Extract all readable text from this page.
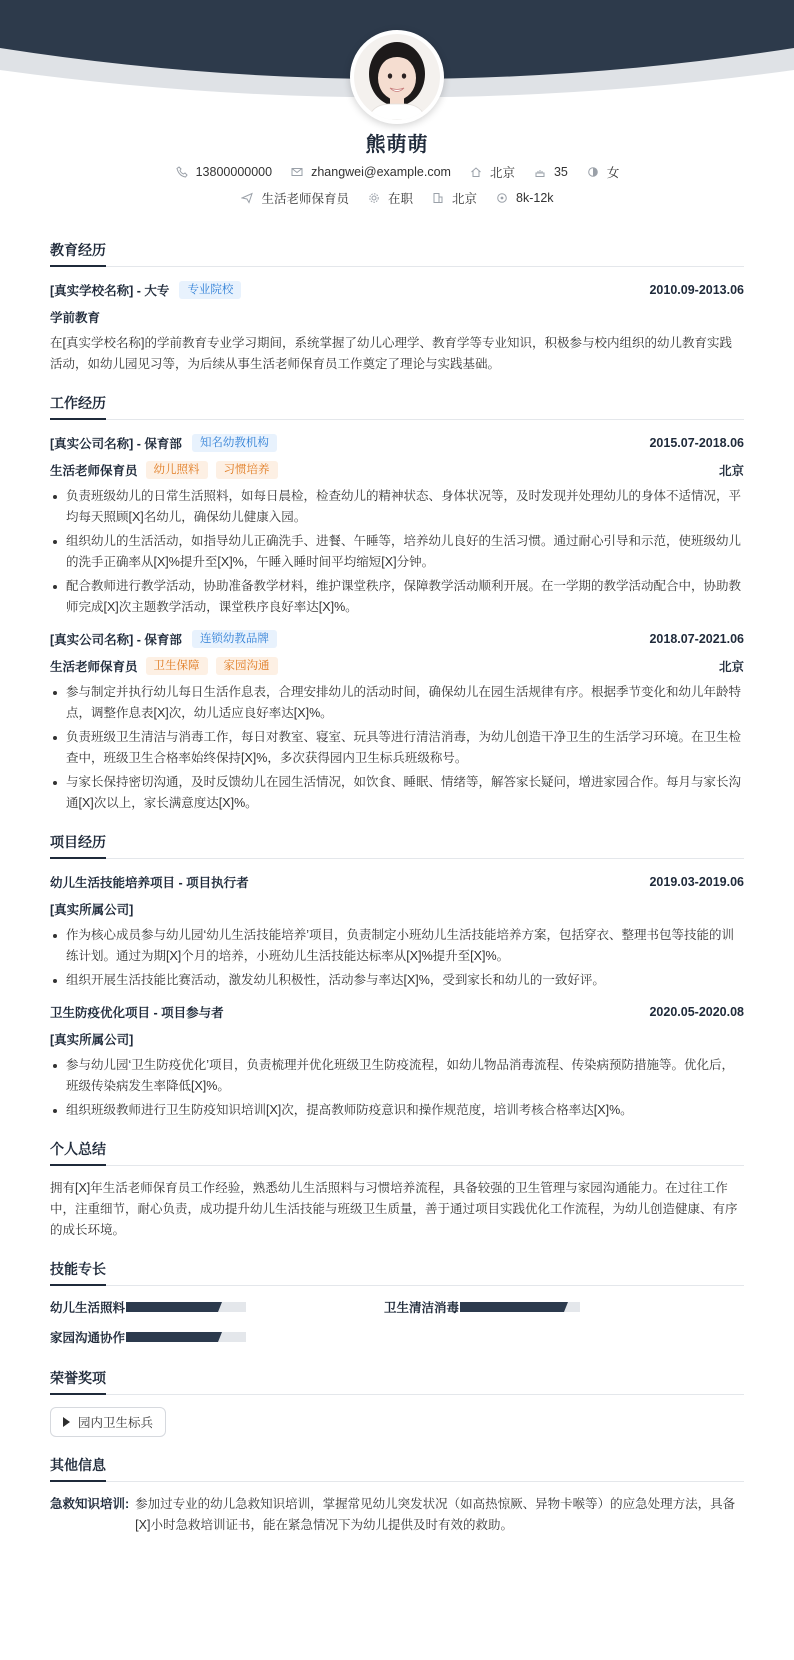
熊萌萌
13800000000	zhangwei@example.com	北京	35	女
生活老师保育员	在职	北京	8k-12k
教育经历
[真实学校名称] - 大专	专业院校	2010.09-2013.06
学前教育
在[真实学校名称]的学前教育专业学习期间，系统掌握了幼儿心理学、教育学等专业知识，积极参与校内组织的幼儿教育实践活动，如幼儿园见习等，为后续从事生活老师保育员工作奠定了理论与实践基础。
工作经历
[真实公司名称] - 保育部	知名幼教机构	2015.07-2018.06
生活老师保育员	幼儿照料	习惯培养	北京
负责班级幼儿的日常生活照料，如每日晨检，检查幼儿的精神状态、身体状况等，及时发现并处理幼儿的身体不适情况，平均每天照顾[X]名幼儿，确保幼儿健康入园。
组织幼儿的生活活动，如指导幼儿正确洗手、进餐、午睡等，培养幼儿良好的生活习惯。通过耐心引导和示范，使班级幼儿的洗手正确率从[X]%提升至[X]%，午睡入睡时间平均缩短[X]分钟。
配合教师进行教学活动，协助准备教学材料，维护课堂秩序，保障教学活动顺利开展。在一学期的教学活动配合中，协助教师完成[X]次主题教学活动，课堂秩序良好率达[X]%。
[真实公司名称] - 保育部	连锁幼教品牌	2018.07-2021.06
生活老师保育员	卫生保障	家园沟通	北京
参与制定并执行幼儿每日生活作息表，合理安排幼儿的活动时间，确保幼儿在园生活规律有序。根据季节变化和幼儿年龄特点，调整作息表[X]次，幼儿适应良好率达[X]%。
负责班级卫生清洁与消毒工作，每日对教室、寝室、玩具等进行清洁消毒，为幼儿创造干净卫生的生活学习环境。在卫生检查中，班级卫生合格率始终保持[X]%，多次获得园内卫生标兵班级称号。
与家长保持密切沟通，及时反馈幼儿在园生活情况，如饮食、睡眠、情绪等，解答家长疑问，增进家园合作。每月与家长沟通[X]次以上，家长满意度达[X]%。
项目经历
幼儿生活技能培养项目 - 项目执行者	2019.03-2019.06
[真实所属公司]
作为核心成员参与幼儿园‘幼儿生活技能培养’项目，负责制定小班幼儿生活技能培养方案，包括穿衣、整理书包等技能的训练计划。通过为期[X]个月的培养，小班幼儿生活技能达标率从[X]%提升至[X]%。
组织开展生活技能比赛活动，激发幼儿积极性，活动参与率达[X]%，受到家长和幼儿的一致好评。
卫生防疫优化项目 - 项目参与者	2020.05-2020.08
[真实所属公司]
参与幼儿园‘卫生防疫优化’项目，负责梳理并优化班级卫生防疫流程，如幼儿物品消毒流程、传染病预防措施等。优化后，班级传染病发生率降低[X]%。
组织班级教师进行卫生防疫知识培训[X]次，提高教师防疫意识和操作规范度，培训考核合格率达[X]%。
个人总结
拥有[X]年生活老师保育员工作经验，熟悉幼儿生活照料与习惯培养流程，具备较强的卫生管理与家园沟通能力。在过往工作中，注重细节，耐心负责，成功提升幼儿生活技能与班级卫生质量，善于通过项目实践优化工作流程，为幼儿创造健康、有序的成长环境。
技能专长
幼儿生活照料	卫生清洁消毒
家园沟通协作
荣誉奖项
园内卫生标兵
其他信息
急救知识培训: 参加过专业的幼儿急救知识培训，掌握常见幼儿突发状况（如高热惊厥、异物卡喉等）的应急处理方法，具备[X]小时急救培训证书，能在紧急情况下为幼儿提供及时有效的救助。
